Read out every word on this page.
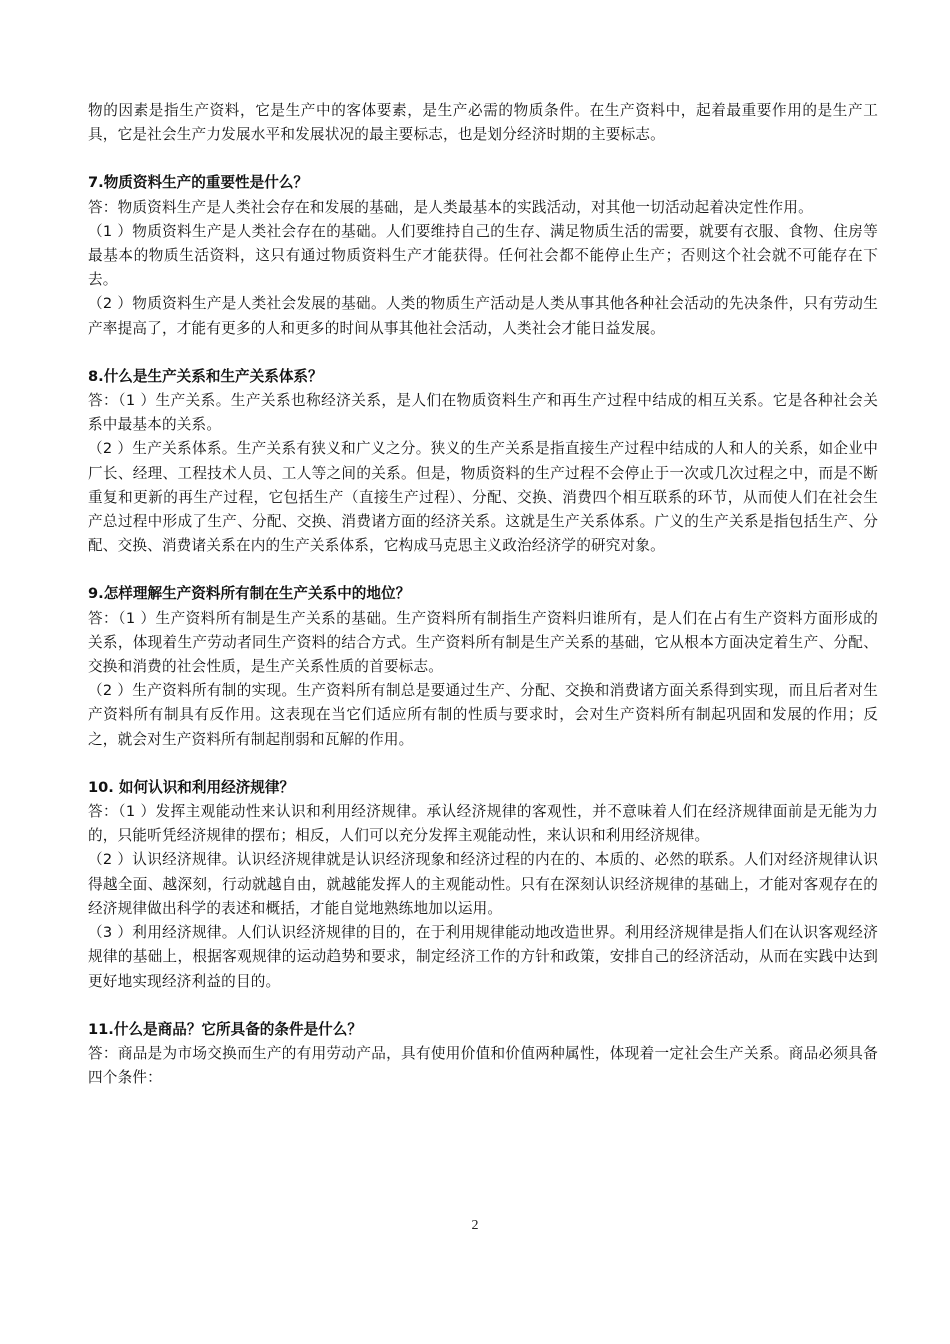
物的因素是指生产资料，它是生产中的客体要素，是生产必需的物质条件。在生产资料中，起着最重要作用的是生产工具，它是社会生产力发展水平和发展状况的最主要标志，也是划分经济时期的主要标志。

7.物质资料生产的重要性是什么？

答：物质资料生产是人类社会存在和发展的基础，是人类最基本的实践活动，对其他一切活动起着决定性作用。

（1 ）物质资料生产是人类社会存在的基础。人们要维持自己的生存、满足物质生活的需要，就要有衣服、食物、住房等最基本的物质生活资料，这只有通过物质资料生产才能获得。任何社会都不能停止生产；否则这个社会就不可能存在下去。

（2 ）物质资料生产是人类社会发展的基础。人类的物质生产活动是人类从事其他各种社会活动的先决条件，只有劳动生产率提高了，才能有更多的人和更多的时间从事其他社会活动，人类社会才能日益发展。

8.什么是生产关系和生产关系体系？

答：（1 ）生产关系。生产关系也称经济关系，是人们在物质资料生产和再生产过程中结成的相互关系。它是各种社会关系中最基本的关系。

（2 ）生产关系体系。生产关系有狭义和广义之分。狭义的生产关系是指直接生产过程中结成的人和人的关系，如企业中厂长、经理、工程技术人员、工人等之间的关系。但是，物质资料的生产过程不会停止于一次或几次过程之中，而是不断重复和更新的再生产过程，它包括生产（直接生产过程）、分配、交换、消费四个相互联系的环节，从而使人们在社会生产总过程中形成了生产、分配、交换、消费诸方面的经济关系。这就是生产关系体系。广义的生产关系是指包括生产、分配、交换、消费诸关系在内的生产关系体系，它构成马克思主义政治经济学的研究对象。

9.怎样理解生产资料所有制在生产关系中的地位？

答：（1 ）生产资料所有制是生产关系的基础。生产资料所有制指生产资料归谁所有，是人们在占有生产资料方面形成的关系，体现着生产劳动者同生产资料的结合方式。生产资料所有制是生产关系的基础，它从根本方面决定着生产、分配、交换和消费的社会性质，是生产关系性质的首要标志。

（2 ）生产资料所有制的实现。生产资料所有制总是要通过生产、分配、交换和消费诸方面关系得到实现，而且后者对生产资料所有制具有反作用。这表现在当它们适应所有制的性质与要求时，会对生产资料所有制起巩固和发展的作用；反之，就会对生产资料所有制起削弱和瓦解的作用。

10. 如何认识和利用经济规律？

答：（1 ）发挥主观能动性来认识和利用经济规律。承认经济规律的客观性，并不意味着人们在经济规律面前是无能为力的，只能听凭经济规律的摆布；相反，人们可以充分发挥主观能动性，来认识和利用经济规律。

（2 ）认识经济规律。认识经济规律就是认识经济现象和经济过程的内在的、本质的、必然的联系。人们对经济规律认识得越全面、越深刻，行动就越自由，就越能发挥人的主观能动性。只有在深刻认识经济规律的基础上，才能对客观存在的经济规律做出科学的表述和概括，才能自觉地熟练地加以运用。

（3 ）利用经济规律。人们认识经济规律的目的，在于利用规律能动地改造世界。利用经济规律是指人们在认识客观经济规律的基础上，根据客观规律的运动趋势和要求，制定经济工作的方针和政策，安排自己的经济活动，从而在实践中达到更好地实现经济利益的目的。

11.什么是商品？它所具备的条件是什么？

答：商品是为市场交换而生产的有用劳动产品，具有使用价值和价值两种属性，体现着一定社会生产关系。商品必须具备四个条件：

2
